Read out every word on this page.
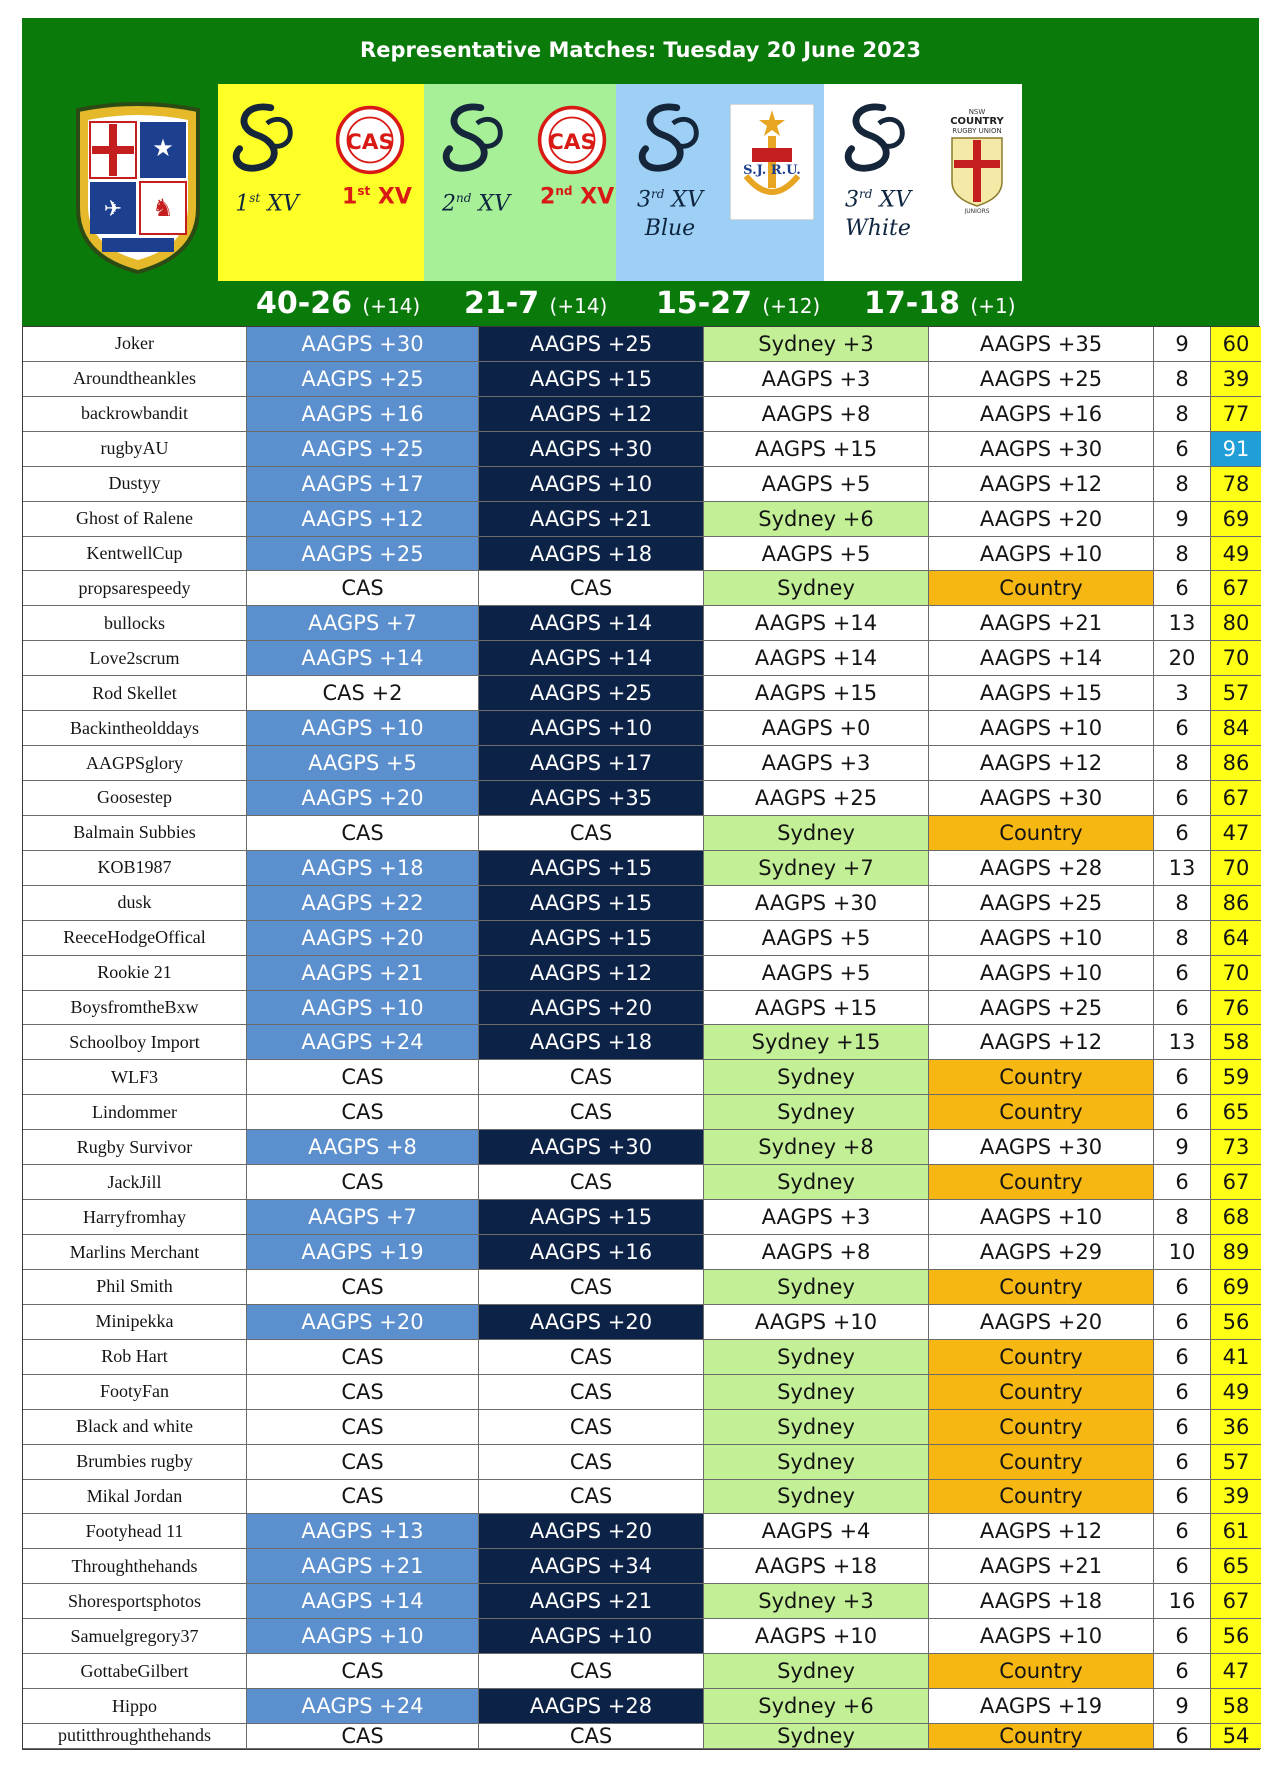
Representative Matches: Tuesday 20 June 2023
★
✈ ♞	1st XV
CAS
1st XV	2nd XV
CAS
2nd XV	3rd XV
Blue
S.J. R.U.
3rd XV
White
NSW
COUNTRY
RUGBY UNION
JUNIORS
40-26 (+14) 21-7 (+14) 15-27 (+12) 17-18 (+1)
Joker	AAGPS +30	AAGPS +25	Sydney +3	AAGPS +35	9	60
Aroundtheankles	AAGPS +25	AAGPS +15	AAGPS +3	AAGPS +25	8	39
backrowbandit	AAGPS +16	AAGPS +12	AAGPS +8	AAGPS +16	8	77
rugbyAU	AAGPS +25	AAGPS +30	AAGPS +15	AAGPS +30	6	91
Dustyy	AAGPS +17	AAGPS +10	AAGPS +5	AAGPS +12	8	78
Ghost of Ralene	AAGPS +12	AAGPS +21	Sydney +6	AAGPS +20	9	69
KentwellCup	AAGPS +25	AAGPS +18	AAGPS +5	AAGPS +10	8	49
propsarespeedy	CAS	CAS	Sydney	Country	6	67
bullocks	AAGPS +7	AAGPS +14	AAGPS +14	AAGPS +21	13	80
Love2scrum	AAGPS +14	AAGPS +14	AAGPS +14	AAGPS +14	20	70
Rod Skellet	CAS +2	AAGPS +25	AAGPS +15	AAGPS +15	3	57
Backintheolddays	AAGPS +10	AAGPS +10	AAGPS +0	AAGPS +10	6	84
AAGPSglory	AAGPS +5	AAGPS +17	AAGPS +3	AAGPS +12	8	86
Goosestep	AAGPS +20	AAGPS +35	AAGPS +25	AAGPS +30	6	67
Balmain Subbies	CAS	CAS	Sydney	Country	6	47
KOB1987	AAGPS +18	AAGPS +15	Sydney +7	AAGPS +28	13	70
dusk	AAGPS +22	AAGPS +15	AAGPS +30	AAGPS +25	8	86
ReeceHodgeOffical	AAGPS +20	AAGPS +15	AAGPS +5	AAGPS +10	8	64
Rookie 21	AAGPS +21	AAGPS +12	AAGPS +5	AAGPS +10	6	70
BoysfromtheBxw	AAGPS +10	AAGPS +20	AAGPS +15	AAGPS +25	6	76
Schoolboy Import	AAGPS +24	AAGPS +18	Sydney +15	AAGPS +12	13	58
WLF3	CAS	CAS	Sydney	Country	6	59
Lindommer	CAS	CAS	Sydney	Country	6	65
Rugby Survivor	AAGPS +8	AAGPS +30	Sydney +8	AAGPS +30	9	73
JackJill	CAS	CAS	Sydney	Country	6	67
Harryfromhay	AAGPS +7	AAGPS +15	AAGPS +3	AAGPS +10	8	68
Marlins Merchant	AAGPS +19	AAGPS +16	AAGPS +8	AAGPS +29	10	89
Phil Smith	CAS	CAS	Sydney	Country	6	69
Minipekka	AAGPS +20	AAGPS +20	AAGPS +10	AAGPS +20	6	56
Rob Hart	CAS	CAS	Sydney	Country	6	41
FootyFan	CAS	CAS	Sydney	Country	6	49
Black and white	CAS	CAS	Sydney	Country	6	36
Brumbies rugby	CAS	CAS	Sydney	Country	6	57
Mikal Jordan	CAS	CAS	Sydney	Country	6	39
Footyhead 11	AAGPS +13	AAGPS +20	AAGPS +4	AAGPS +12	6	61
Throughthehands	AAGPS +21	AAGPS +34	AAGPS +18	AAGPS +21	6	65
Shoresportsphotos	AAGPS +14	AAGPS +21	Sydney +3	AAGPS +18	16	67
Samuelgregory37	AAGPS +10	AAGPS +10	AAGPS +10	AAGPS +10	6	56
GottabeGilbert	CAS	CAS	Sydney	Country	6	47
Hippo	AAGPS +24	AAGPS +28	Sydney +6	AAGPS +19	9	58
putitthroughthehands	CAS	CAS	Sydney	Country	6	54
